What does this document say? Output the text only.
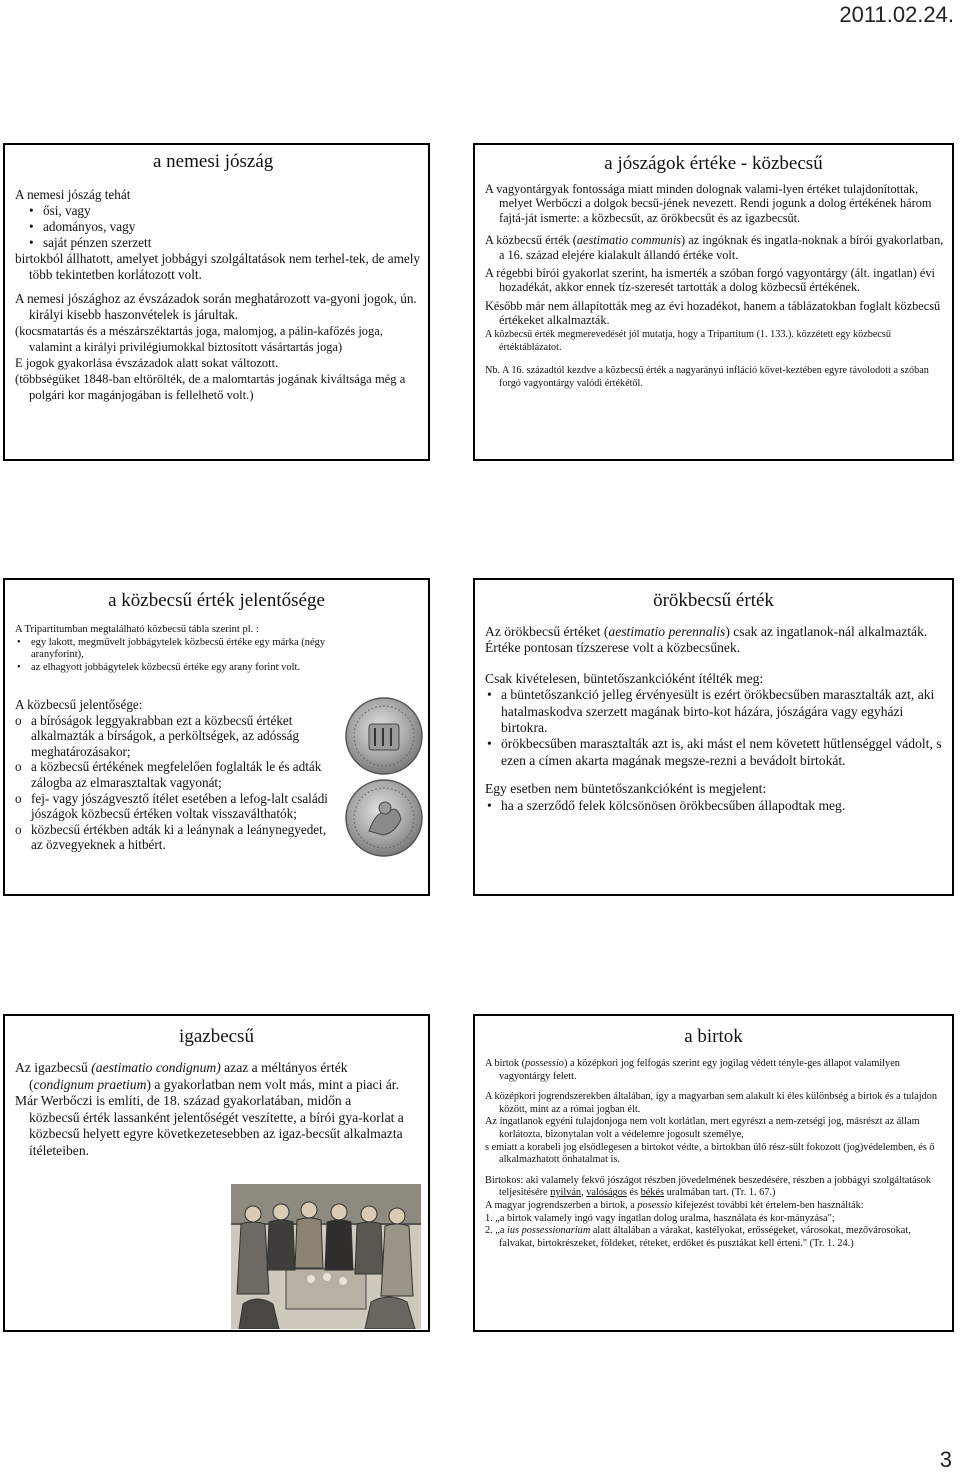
2011.02.24.
a nemesi jószág

A nemesi jószág tehát

• ősi, vagy
• adományos, vagy
• saját pénzen szerzett

birtokból állhatott, amelyet jobbágyi szolgáltatások nem terhel-tek, de amely több tekintetben korlátozott volt.

A nemesi jószághoz az évszázadok során meghatározott va-gyoni jogok, ún. királyi kisebb haszonvételek is járultak.

(kocsmatartás és a mészárszéktartás joga, malomjog, a pálin-kafőzés joga, valamint a királyi privilégiumokkal biztosított vásártartás joga)

E jogok gyakorlása évszázadok alatt sokat változott.

(többségüket 1848-ban eltörölték, de a malomtartás jogának kiváltsága még a polgári kor magánjogában is fellelhető volt.)

a jószágok értéke - közbecsű

A vagyontárgyak fontossága miatt minden dolognak valami-lyen értéket tulajdonítottak, melyet Werbőczi a dolgok becsű-jének nevezett. Rendi jogunk a dolog értékének három fajtá-ját ismerte: a közbecsűt, az örökbecsűt és az igazbecsűt.

A közbecsű érték (aestimatio communis) az ingóknak és ingatla-noknak a bírói gyakorlatban, a 16. század elejére kialakult állandó értéke volt.

A régebbi bírói gyakorlat szerint, ha ismerték a szóban forgó vagyontárgy (ált. ingatlan) évi hozadékát, akkor ennek tíz-szeresét tartották a dolog közbecsű értékének.

Később már nem állapították meg az évi hozadékot, hanem a táblázatokban foglalt közbecsű értékeket alkalmazták.

A közbecsű érték megmerevedését jól mutatja, hogy a Tripartitum (1. 133.). közzétett egy közbecsű értéktáblázatot.

Nb. A 16. századtól kezdve a közbecsű érték a nagyarányú infláció követ-keztében egyre távolodott a szóban forgó vagyontárgy valódi értékétől.

a közbecsű érték jelentősége

A Tripartitumban megtalálható közbecsű tábla szerint pl. :

• egy lakott, megművelt jobbágytelek közbecsű értéke egy márka (négy aranyforint),
• az elhagyott jobbágytelek közbecsű értéke egy arany forint volt.

A közbecsű jelentősége:

o a bíróságok leggyakrabban ezt a közbecsű értéket alkalmazták a bírságok, a perköltségek, az adósság meghatározásakor;
o a közbecsű értékének megfelelően foglalták le és adták zálogba az elmarasztaltak vagyonát;
o fej- vagy jószágvesztő ítélet esetében a lefog-lalt családi jószágok közbecsű értéken voltak visszaválthatók;
o közbecsű értékben adták ki a leánynak a leánynegyedet, az özvegyeknek a hitbért.
örökbecsű érték

Az örökbecsű értéket (aestimatio perennalis) csak az ingatlanok-nál alkalmazták.

Értéke pontosan tízszerese volt a közbecsűnek.

Csak kivételesen, büntetőszankcióként ítélték meg:

• a büntetőszankció jelleg érvényesült is ezért örökbecsűben marasztalták azt, aki hatalmaskodva szerzett magának birto-kot házára, jószágára vagy egyházi birtokra.
• örökbecsűben marasztalták azt is, aki mást el nem követett hűtlenséggel vádolt, s ezen a címen akarta magának megsze-rezni a bevádolt birtokát.

Egy esetben nem büntetőszankcióként is megjelent:

• ha a szerződő felek kölcsönösen örökbecsűben állapodtak meg.
igazbecsű

Az igazbecsű (aestimatio condignum) azaz a méltányos érték (condignum praetium) a gyakorlatban nem volt más, mint a piaci ár.

Már Werbőczi is említi, de 18. század gyakorlatában, midőn a közbecsű érték lassanként jelentőségét veszítette, a bírói gya-korlat a közbecsű helyett egyre következetesebben az igaz-becsűt alkalmazta ítéleteiben.

a birtok

A birtok (possessio) a középkori jog felfogás szerint egy jogilag védett tényle-ges állapot valamilyen vagyontárgy felett.

A középkori jogrendszerekben általában, így a magyarban sem alakult ki éles különbség a birtok és a tulajdon között, mint az a római jogban élt.

Az ingatlanok egyéni tulajdonjoga nem volt korlátlan, mert egyrészt a nem-zetségi jog, másrészt az állam korlátozta, bizonytalan volt a védelemre jogosult személye,

s emiatt a korabeli jog elsődlegesen a birtokot védte, a birtokban ülő rész-sült fokozott (jog)védelemben, és ő alkalmazhatott önhatalmat is.

Birtokos: aki valamely fekvő jószágot részben jövedelmének beszedésére, részben a jobbágyi szolgáltatások teljesítésére nyilván, valóságos és békés uralmában tart. (Tr. 1. 67.)

A magyar jogrendszerben a birtok, a posessio kifejezést további két értelem-ben használták:

1. „a birtok valamely ingó vagy ingatlan dolog uralma, használata és kor-mányzása";

2. „a ius possessionarium alatt általában a várakat, kastélyokat, erősségeket, városokat, mezővárosokat, falvakat, birtokrészeket, földeket, réteket, erdőket és pusztákat kell érteni." (Tr. 1. 24.)

3
